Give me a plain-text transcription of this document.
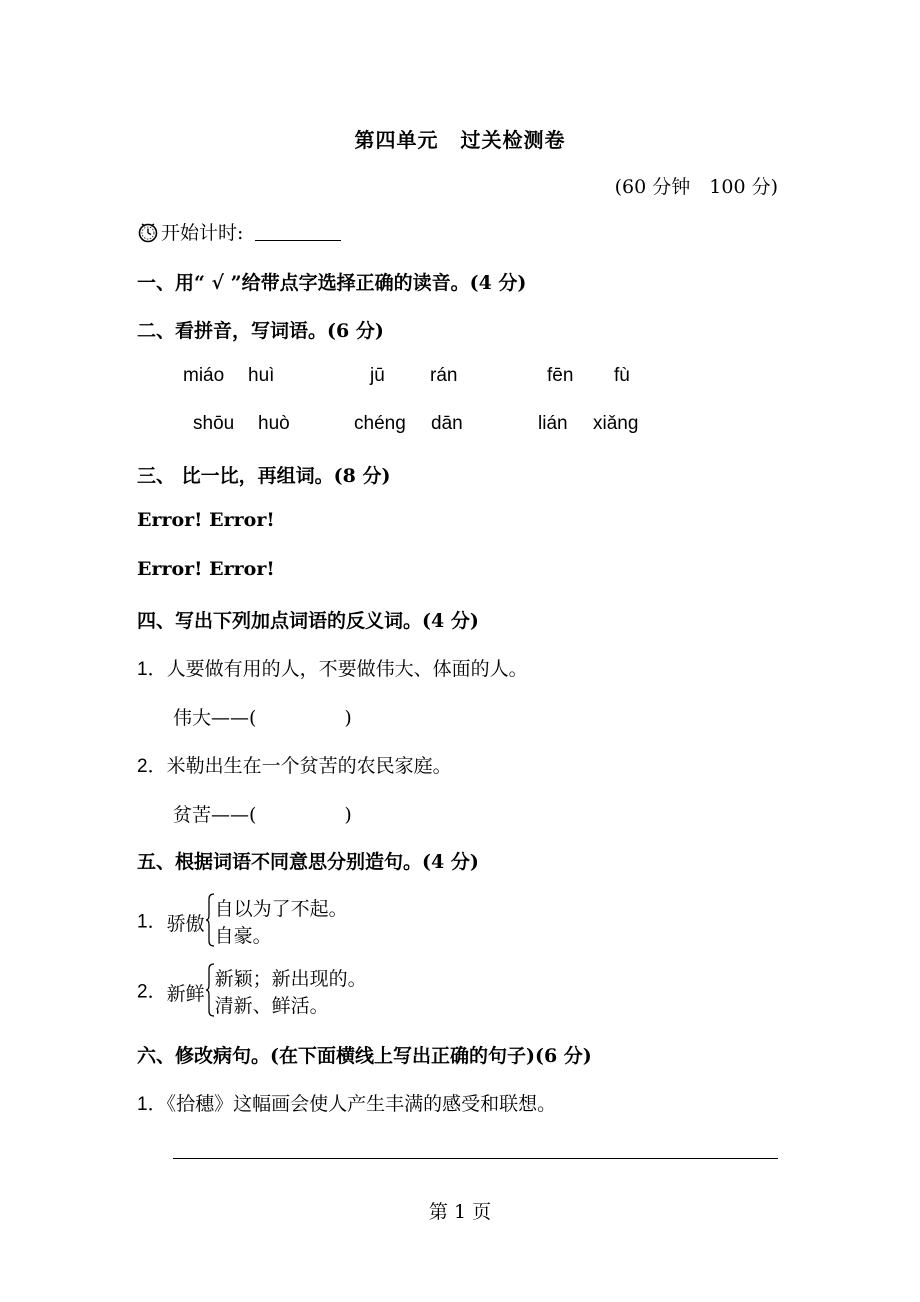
第四单元 过关检测卷
(60 分钟　100 分)
开始计时:
一、用“ √ ”给带点字选择正确的读音。(4 分)
二、看拼音，写词语。(6 分)
miáo huì	jū rán	fēn fù
shōu huò	chéng dān	lián xiǎng
三、 比一比，再组词。(8 分)
Error! Error!
Error! Error!
四、写出下列加点词语的反义词。(4 分)
1．人要做有用的人，不要做伟大、体面的人。
伟大——(	)
2．米勒出生在一个贫苦的农民家庭。
贫苦——(	)
五、根据词语不同意思分别造句。(4 分)
1．骄傲自以为了不起。
自豪。
2．新鲜新颖；新出现的。
清新、鲜活。
六、修改病句。(在下面横线上写出正确的句子)(6 分)
1．《拾穗》这幅画会使人产生丰满的感受和联想。
第 1 页
